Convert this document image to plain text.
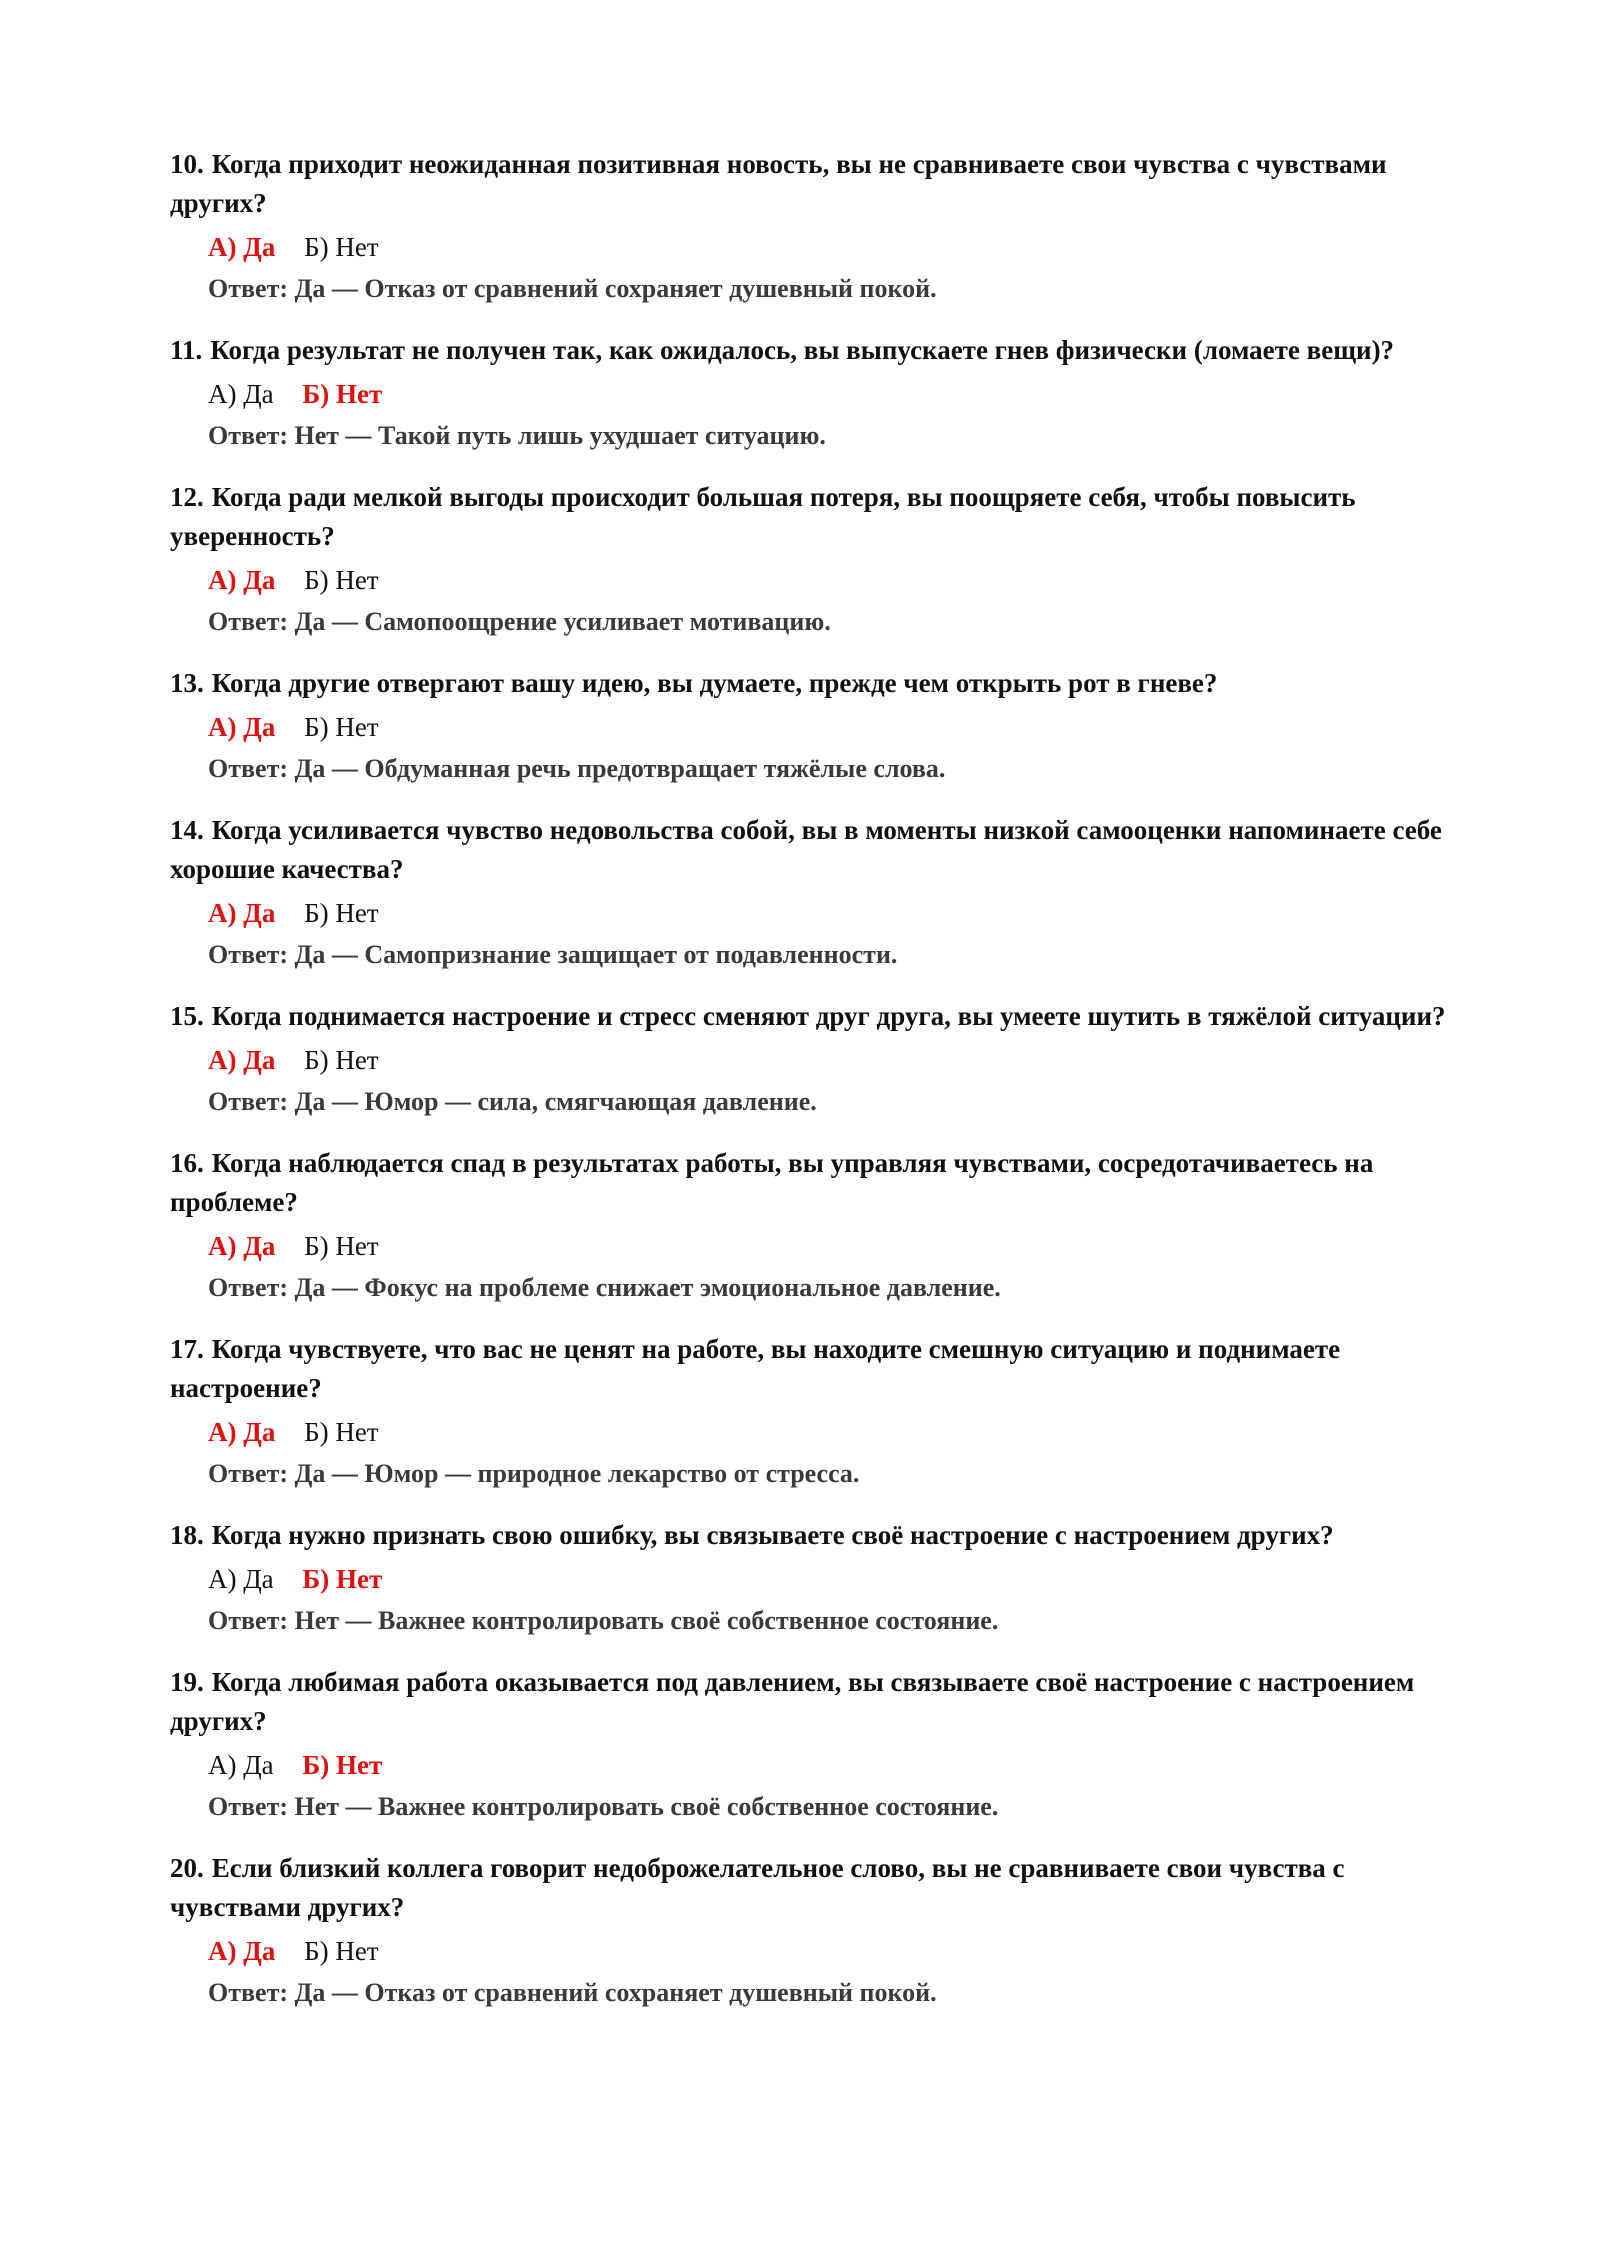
10. Когда приходит неожиданная позитивная новость, вы не сравниваете свои чувства с чувствами других?

А) Да Б) Нет
Ответ: Да — Отказ от сравнений сохраняет душевный покой.

11. Когда результат не получен так, как ожидалось, вы выпускаете гнев физически (ломаете вещи)?

А) Да Б) Нет
Ответ: Нет — Такой путь лишь ухудшает ситуацию.

12. Когда ради мелкой выгоды происходит большая потеря, вы поощряете себя, чтобы повысить уверенность?

А) Да Б) Нет
Ответ: Да — Самопоощрение усиливает мотивацию.

13. Когда другие отвергают вашу идею, вы думаете, прежде чем открыть рот в гневе?

А) Да Б) Нет
Ответ: Да — Обдуманная речь предотвращает тяжёлые слова.

14. Когда усиливается чувство недовольства собой, вы в моменты низкой самооценки напоминаете себе хорошие качества?

А) Да Б) Нет
Ответ: Да — Самопризнание защищает от подавленности.

15. Когда поднимается настроение и стресс сменяют друг друга, вы умеете шутить в тяжёлой ситуации?

А) Да Б) Нет
Ответ: Да — Юмор — сила, смягчающая давление.

16. Когда наблюдается спад в результатах работы, вы управляя чувствами, сосредотачиваетесь на проблеме?

А) Да Б) Нет
Ответ: Да — Фокус на проблеме снижает эмоциональное давление.

17. Когда чувствуете, что вас не ценят на работе, вы находите смешную ситуацию и поднимаете настроение?

А) Да Б) Нет
Ответ: Да — Юмор — природное лекарство от стресса.

18. Когда нужно признать свою ошибку, вы связываете своё настроение с настроением других?

А) Да Б) Нет
Ответ: Нет — Важнее контролировать своё собственное состояние.

19. Когда любимая работа оказывается под давлением, вы связываете своё настроение с настроением других?

А) Да Б) Нет
Ответ: Нет — Важнее контролировать своё собственное состояние.

20. Если близкий коллега говорит недоброжелательное слово, вы не сравниваете свои чувства с чувствами других?

А) Да Б) Нет
Ответ: Да — Отказ от сравнений сохраняет душевный покой.
